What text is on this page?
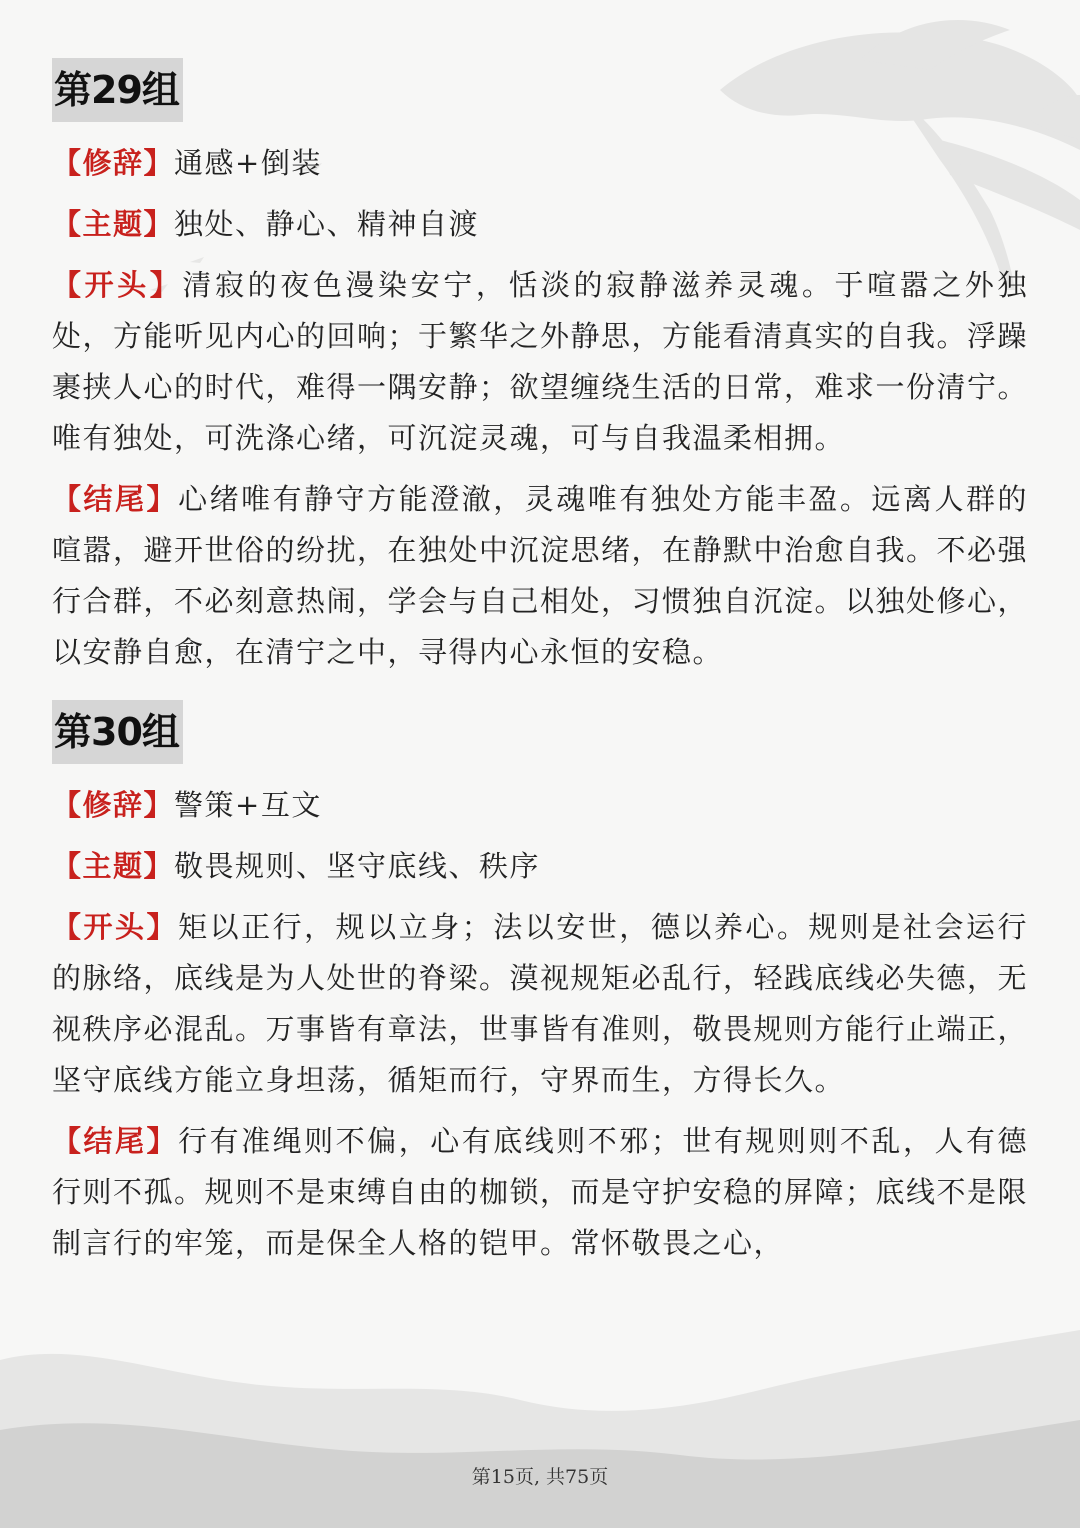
第29组
【修辞】通感+倒装
【主题】独处、静心、精神自渡
【开头】清寂的夜色漫染安宁，恬淡的寂静滋养灵魂。于喧嚣之外独处，方能听见内心的回响；于繁华之外静思，方能看清真实的自我。浮躁裹挟人心的时代，难得一隅安静；欲望缠绕生活的日常，难求一份清宁。唯有独处，可洗涤心绪，可沉淀灵魂，可与自我温柔相拥。
【结尾】心绪唯有静守方能澄澈，灵魂唯有独处方能丰盈。远离人群的喧嚣，避开世俗的纷扰，在独处中沉淀思绪，在静默中治愈自我。不必强行合群，不必刻意热闹，学会与自己相处，习惯独自沉淀。以独处修心，以安静自愈，在清宁之中，寻得内心永恒的安稳。
第30组
【修辞】警策+互文
【主题】敬畏规则、坚守底线、秩序
【开头】矩以正行，规以立身；法以安世，德以养心。规则是社会运行的脉络，底线是为人处世的脊梁。漠视规矩必乱行，轻践底线必失德，无视秩序必混乱。万事皆有章法，世事皆有准则，敬畏规则方能行止端正，坚守底线方能立身坦荡，循矩而行，守界而生，方得长久。
【结尾】行有准绳则不偏，心有底线则不邪；世有规则则不乱，人有德行则不孤。规则不是束缚自由的枷锁，而是守护安稳的屏障；底线不是限制言行的牢笼，而是保全人格的铠甲。常怀敬畏之心，
第15页, 共75页
